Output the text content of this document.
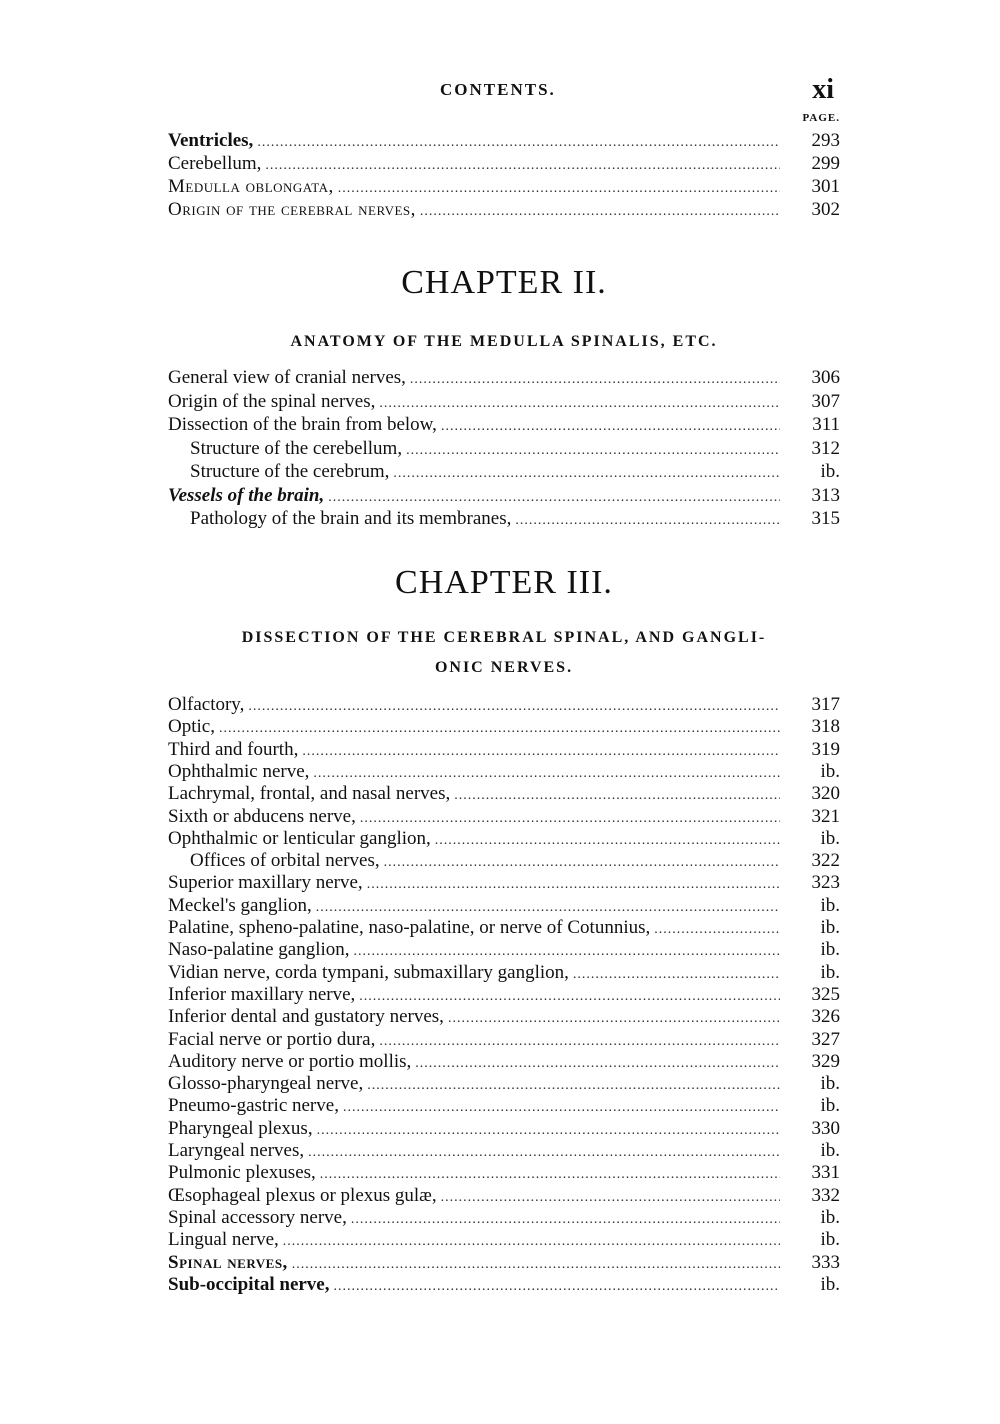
CONTENTS.	xi
PAGE.
Ventricles, .....	293
Cerebellum, .....	299
Medulla oblongata, .....	301
Origin of the cerebral nerves, .....	302
CHAPTER II.
ANATOMY OF THE MEDULLA SPINALIS, ETC.
General view of cranial nerves, .....	306
Origin of the spinal nerves, .....	307
Dissection of the brain from below, .....	311
Structure of the cerebellum, .....	312
Structure of the cerebrum, .....	ib.
Vessels of the brain, .....	313
Pathology of the brain and its membranes, .....	315
CHAPTER III.
DISSECTION OF THE CEREBRAL SPINAL, AND GANGLI-
ONIC NERVES.
Olfactory, .....	317
Optic, .....	318
Third and fourth, .....	319
Ophthalmic nerve, .....	ib.
Lachrymal, frontal, and nasal nerves, .....	320
Sixth or abducens nerve, .....	321
Ophthalmic or lenticular ganglion, .....	ib.
Offices of orbital nerves, .....	322
Superior maxillary nerve, .....	323
Meckel's ganglion, .....	ib.
Palatine, spheno-palatine, naso-palatine, or nerve of Cotunnius, .....	ib.
Naso-palatine ganglion, .....	ib.
Vidian nerve, corda tympani, submaxillary ganglion, .....	ib.
Inferior maxillary nerve, .....	325
Inferior dental and gustatory nerves, .....	326
Facial nerve or portio dura, .....	327
Auditory nerve or portio mollis, .....	329
Glosso-pharyngeal nerve, .....	ib.
Pneumo-gastric nerve, .....	ib.
Pharyngeal plexus, .....	330
Laryngeal nerves, .....	ib.
Pulmonic plexuses, .....	331
Œsophageal plexus or plexus gulæ, .....	332
Spinal accessory nerve, .....	ib.
Lingual nerve, .....	ib.
Spinal nerves, .....	333
Sub-occipital nerve, .....	ib.
